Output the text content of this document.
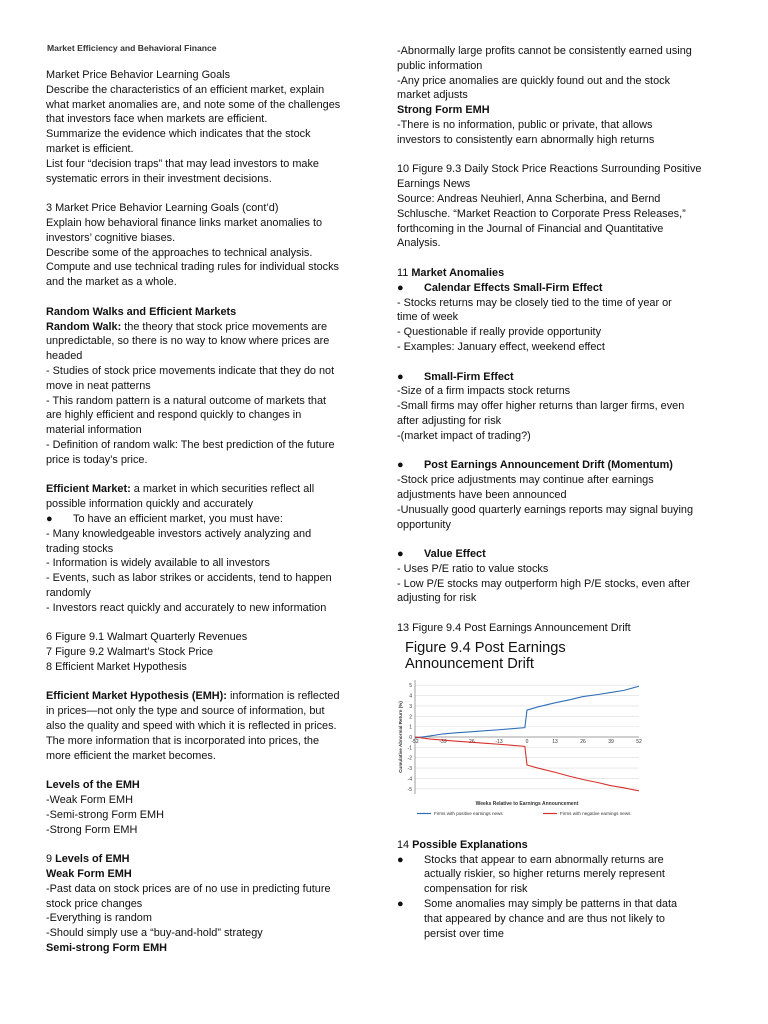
Market Efficiency and Behavioral Finance
Market Price Behavior Learning Goals
Describe the characteristics of an efficient market, explain
what market anomalies are, and note some of the challenges
that investors face when markets are efficient.
Summarize the evidence which indicates that the stock
market is efficient.
List four “decision traps” that may lead investors to make
systematic errors in their investment decisions.
3 Market Price Behavior Learning Goals (cont’d)
Explain how behavioral finance links market anomalies to
investors’ cognitive biases.
Describe some of the approaches to technical analysis.
Compute and use technical trading rules for individual stocks
and the market as a whole.
Random Walks and Efficient Markets
Random Walk: the theory that stock price movements are
unpredictable, so there is no way to know where prices are
headed
- Studies of stock price movements indicate that they do not
move in neat patterns
- This random pattern is a natural outcome of markets that
are highly efficient and respond quickly to changes in
material information
- Definition of random walk: The best prediction of the future
price is today’s price.
Efficient Market: a market in which securities reflect all
possible information quickly and accurately
●	To have an efficient market, you must have:
- Many knowledgeable investors actively analyzing and
trading stocks
- Information is widely available to all investors
- Events, such as labor strikes or accidents, tend to happen
randomly
- Investors react quickly and accurately to new information
6 Figure 9.1 Walmart Quarterly Revenues
7 Figure 9.2 Walmart’s Stock Price
8 Efficient Market Hypothesis
Efficient Market Hypothesis (EMH): information is reflected
in prices—not only the type and source of information, but
also the quality and speed with which it is reflected in prices.
The more information that is incorporated into prices, the
more efficient the market becomes.
Levels of the EMH
-Weak Form EMH
-Semi-strong Form EMH
-Strong Form EMH
9 Levels of EMH
Weak Form EMH
-Past data on stock prices are of no use in predicting future
stock price changes
-Everything is random
-Should simply use a “buy-and-hold” strategy
Semi-strong Form EMH
-Abnormally large profits cannot be consistently earned using
public information
-Any price anomalies are quickly found out and the stock
market adjusts
Strong Form EMH
-There is no information, public or private, that allows
investors to consistently earn abnormally high returns
10 Figure 9.3 Daily Stock Price Reactions Surrounding Positive
Earnings News
Source: Andreas Neuhierl, Anna Scherbina, and Bernd
Schlusche. “Market Reaction to Corporate Press Releases,”
forthcoming in the Journal of Financial and Quantitative
Analysis.
11 Market Anomalies
●	Calendar Effects Small-Firm Effect
- Stocks returns may be closely tied to the time of year or
time of week
- Questionable if really provide opportunity
- Examples: January effect, weekend effect
●	Small-Firm Effect
-Size of a firm impacts stock returns
-Small firms may offer higher returns than larger firms, even
after adjusting for risk
-(market impact of trading?)
●	Post Earnings Announcement Drift (Momentum)
-Stock price adjustments may continue after earnings
adjustments have been announced
-Unusually good quarterly earnings reports may signal buying
opportunity
●	Value Effect
- Uses P/E ratio to value stocks
- Low P/E stocks may outperform high P/E stocks, even after
adjusting for risk
13 Figure 9.4 Post Earnings Announcement Drift
Figure 9.4 Post Earnings
Announcement Drift
-5
-4
-3
-2
-1
0
1
2
3
4
5
-52	-39	-26	-13	0	13	26	39	52
Cumulative Abnormal Return (%)
Weeks Relative to Earnings Announcement
Firms with positive earnings news	Firms with negative earnings news
14 Possible Explanations
●	Stocks that appear to earn abnormally returns are
actually riskier, so higher returns merely represent
compensation for risk
●	Some anomalies may simply be patterns in that data
that appeared by chance and are thus not likely to
persist over time
